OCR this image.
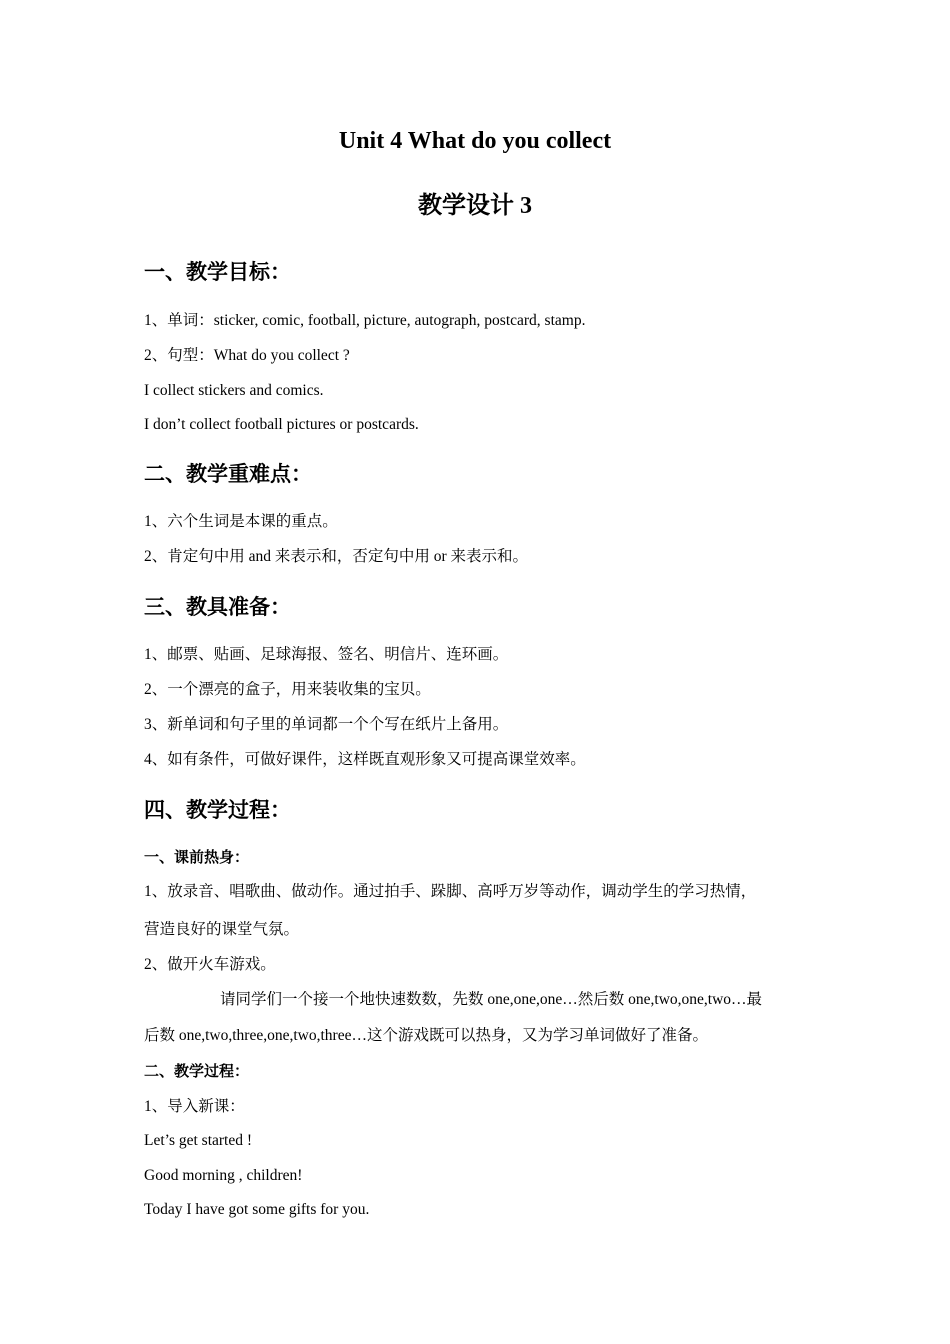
Unit 4 What do you collect
教学设计 3
一、教学目标：
1、单词：sticker, comic, football, picture, autograph, postcard, stamp.
2、句型：What do you collect ?
I collect stickers and comics.
I don’t collect football pictures or postcards.
二、教学重难点：
1、六个生词是本课的重点。
2、肯定句中用 and 来表示和，否定句中用 or 来表示和。
三、教具准备：
1、邮票、贴画、足球海报、签名、明信片、连环画。
2、一个漂亮的盒子，用来装收集的宝贝。
3、新单词和句子里的单词都一个个写在纸片上备用。
4、如有条件，可做好课件，这样既直观形象又可提高课堂效率。
四、教学过程：
一、课前热身：
1、放录音、唱歌曲、做动作。通过拍手、跺脚、高呼万岁等动作，调动学生的学习热情，
营造良好的课堂气氛。
2、做开火车游戏。
请同学们一个接一个地快速数数，先数 one,one,one…然后数 one,two,one,two…最
后数 one,two,three,one,two,three…这个游戏既可以热身，又为学习单词做好了准备。
二、教学过程：
1、导入新课：
Let’s get started !
Good morning , children!
Today I have got some gifts for you.
